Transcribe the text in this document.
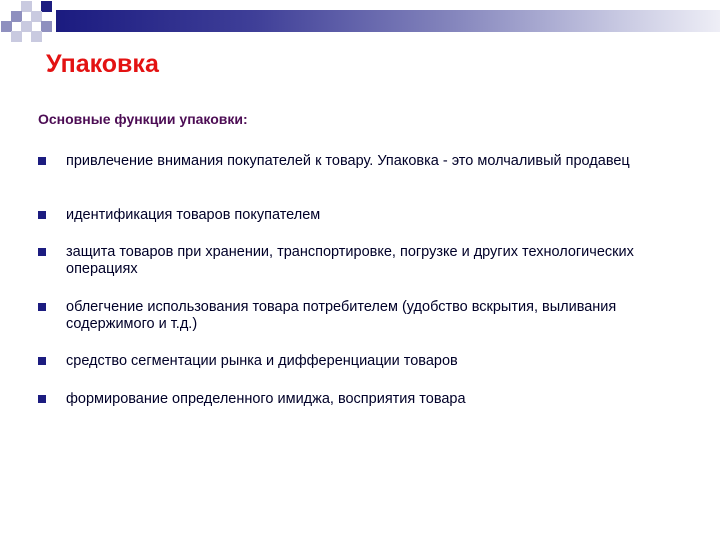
Упаковка
Основные функции упаковки:
привлечение внимания покупателей к товару. Упаковка - это молчаливый продавец
идентификация товаров покупателем
защита товаров при хранении, транспортировке, погрузке и других технологических операциях
облегчение использования товара потребителем (удобство вскрытия, выливания содержимого и т.д.)
средство сегментации рынка и дифференциации товаров
формирование определенного имиджа, восприятия товара
